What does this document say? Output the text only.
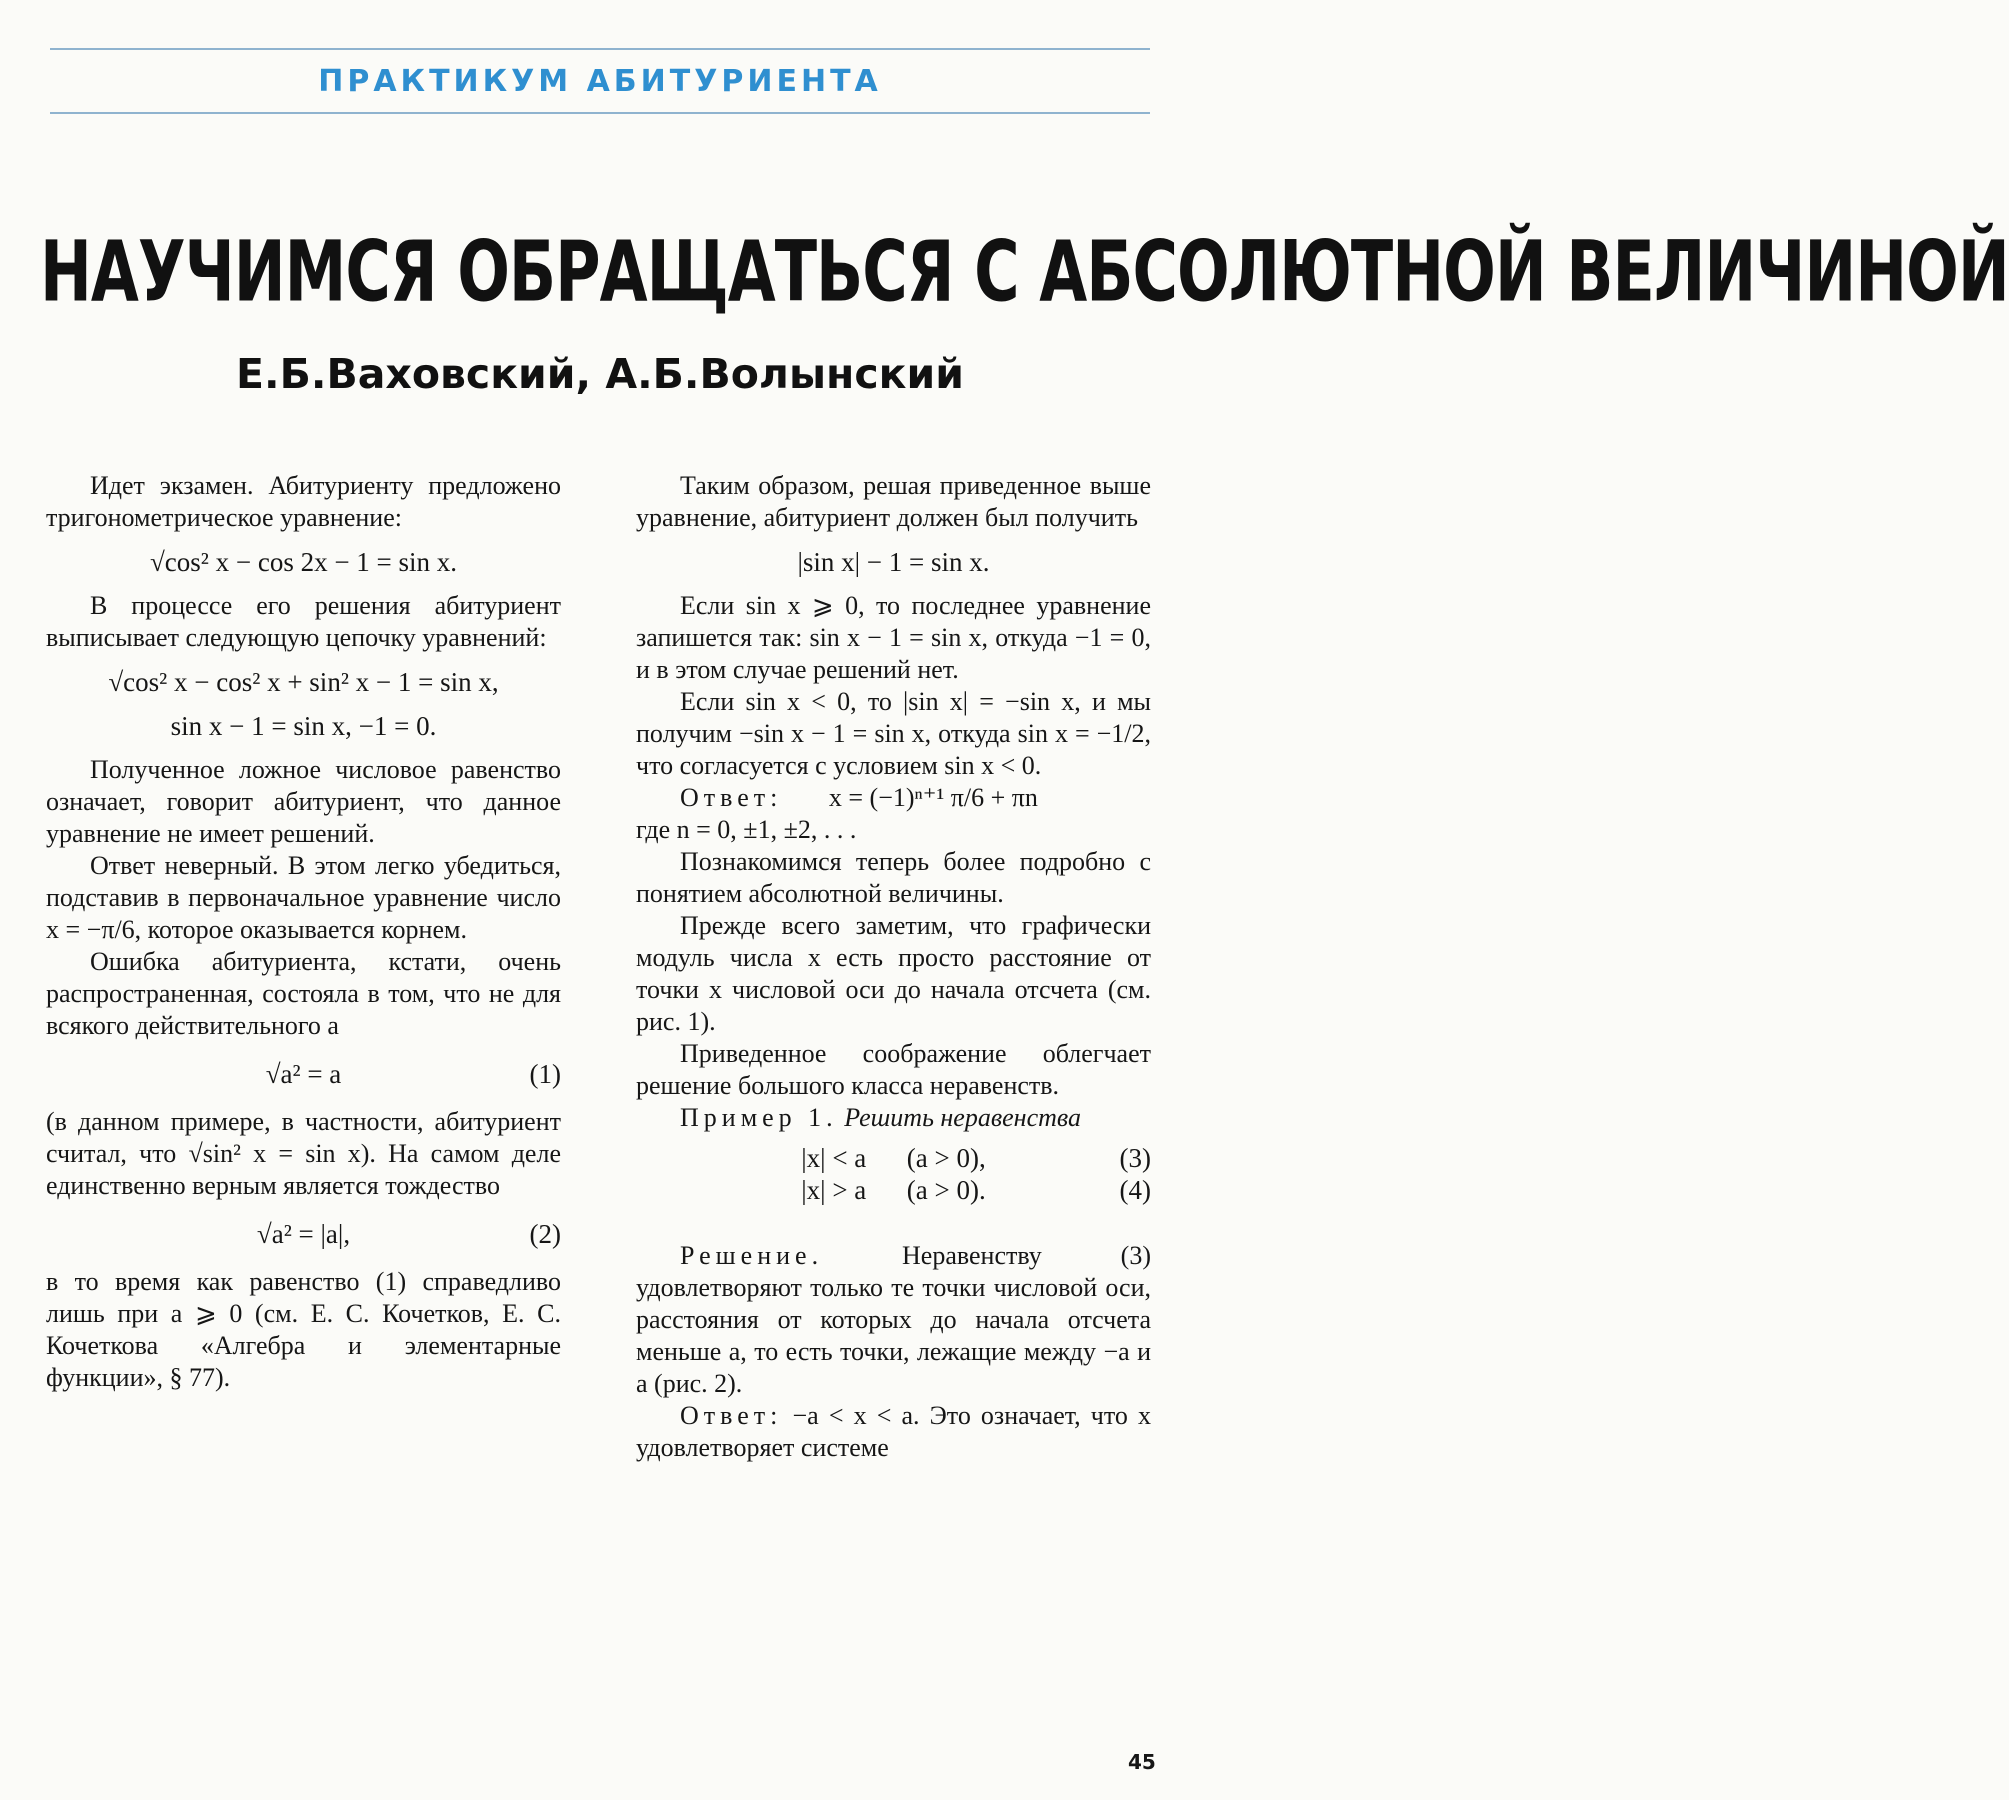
ПРАКТИКУМ АБИТУРИЕНТА
НАУЧИМСЯ ОБРАЩАТЬСЯ С АБСОЛЮТНОЙ ВЕЛИЧИНОЙ
Е.Б.Ваховский, А.Б.Волынский

Идет экзамен. Абитуриенту предложено тригонометрическое уравнение:

√cos² x − cos 2x − 1 = sin x.

В процессе его решения абитуриент выписывает следующую цепочку уравнений:

√cos² x − cos² x + sin² x − 1 = sin x,
sin x − 1 = sin x, −1 = 0.

Полученное ложное числовое равенство означает, говорит абитуриент, что данное уравнение не имеет решений.

Ответ неверный. В этом легко убедиться, подставив в первоначальное уравнение число x = −π/6, которое оказывается корнем.

Ошибка абитуриента, кстати, очень распространенная, состояла в том, что не для всякого действительного a

√a² = a	(1)

(в данном примере, в частности, абитуриент считал, что √sin² x = sin x). На самом деле единственно верным является тождество

√a² = |a|,	(2)

в то время как равенство (1) справедливо лишь при a ⩾ 0 (см. Е. С. Кочетков, Е. С. Кочеткова «Алгебра и элементарные функции», § 77).

Таким образом, решая приведенное выше уравнение, абитуриент должен был получить

|sin x| − 1 = sin x.

Если sin x ⩾ 0, то последнее уравнение запишется так: sin x − 1 = sin x, откуда −1 = 0, и в этом случае решений нет.

Если sin x < 0, то |sin x| = −sin x, и мы получим −sin x − 1 = sin x, откуда sin x = −1/2, что согласуется с условием sin x < 0.

Ответ: x = (−1)ⁿ⁺¹ π/6 + πn

где n = 0, ±1, ±2, . . .

Познакомимся теперь более подробно с понятием абсолютной величины.

Прежде всего заметим, что графически модуль числа x есть просто расстояние от точки x числовой оси до начала отсчета (см. рис. 1).

Приведенное соображение облегчает решение большого класса неравенств.

Пример 1. Решить неравенства

|x| < a      (a > 0),	(3)
|x| > a      (a > 0).	(4)

Решение.	Неравенству (3) удовлетворяют только те точки числовой оси, расстояния от которых до начала отсчета меньше a, то есть точки, лежащие между −a и a (рис. 2).

Ответ: −a < x < a. Это означает, что x удовлетворяет системе

45
